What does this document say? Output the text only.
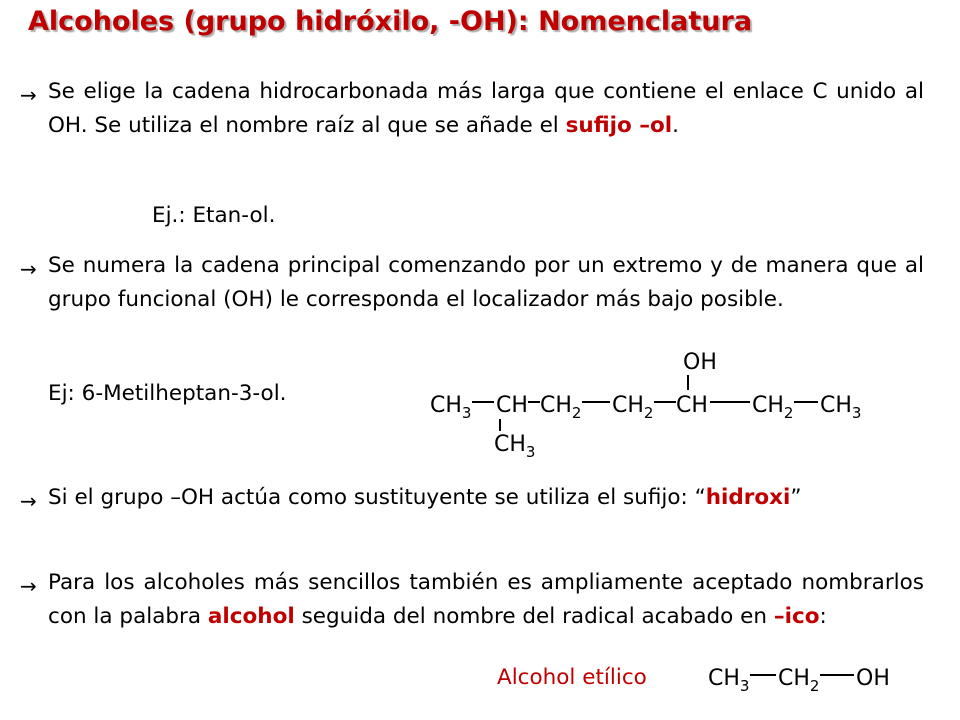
Alcoholes (grupo hidróxilo, -OH): Nomenclatura
→ Se elige la cadena hidrocarbonada más larga que contiene el enlace C unido al OH. Se utiliza el nombre raíz al que se añade el sufijo –ol.
Ej.: Etan-ol.
→ Se numera la cadena principal comenzando por un extremo y de manera que al grupo funcional (OH) le corresponda el localizador más bajo posible.
Ej: 6-Metilheptan-3-ol.
OH
$CH_3$ CH $CH_2$ $CH_2$ CH $CH_2$ $CH_3$
$CH_3$
→ Si el grupo –OH actúa como sustituyente se utiliza el sufijo: “hidroxi”
→ Para los alcoholes más sencillos también es ampliamente aceptado nombrarlos con la palabra alcohol seguida del nombre del radical acabado en –ico:
Alcohol etílico	$CH_3$ $CH_2$ OH
